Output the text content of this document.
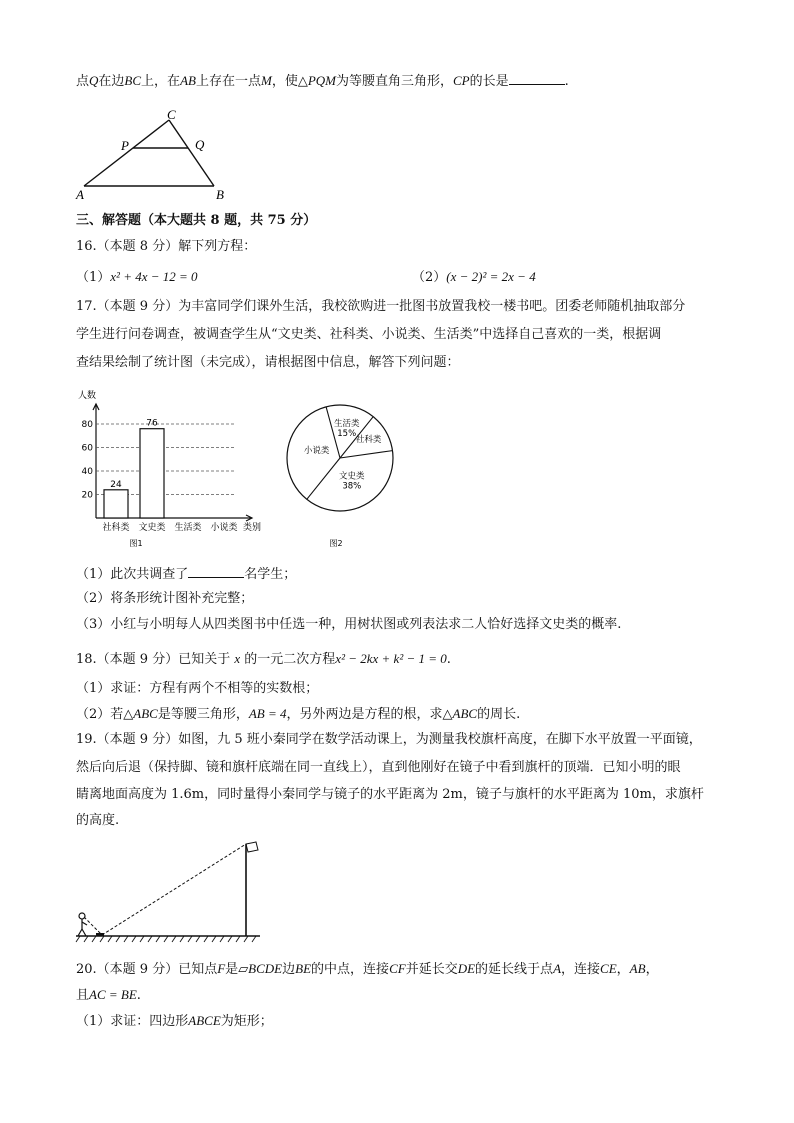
点Q在边BC上，在AB上存在一点M，使△PQM为等腰直角三角形，CP的长是	.
A	B
C
P	Q
三、解答题（本大题共 8 题，共 75 分）
16.（本题 8 分）解下列方程：
（1）x² + 4x − 12 = 0	（2）(x − 2)² = 2x − 4
17.（本题 9 分）为丰富同学们课外生活，我校欲购进一批图书放置我校一楼书吧。团委老师随机抽取部分
学生进行问卷调查，被调查学生从“文史类、社科类、小说类、生活类”中选择自己喜欢的一类，根据调
查结果绘制了统计图（未完成），请根据图中信息，解答下列问题：
人数
20
40
60
80
24
社科类
76
文史类 生活类 小说类 类别
图1
文史类
38%
小说类
生活类
15%
社科类
图2
（1）此次共调查了	名学生；
（2）将条形统计图补充完整；
（3）小红与小明每人从四类图书中任选一种，用树状图或列表法求二人恰好选择文史类的概率.
18.（本题 9 分）已知关于 x 的一元二次方程x² − 2kx + k² − 1 = 0.
（1）求证：方程有两个不相等的实数根；
（2）若△ABC是等腰三角形，AB = 4，另外两边是方程的根，求△ABC的周长.
19.（本题 9 分）如图，九 5 班小秦同学在数学活动课上，为测量我校旗杆高度，在脚下水平放置一平面镜，
然后向后退（保持脚、镜和旗杆底端在同一直线上），直到他刚好在镜子中看到旗杆的顶端．已知小明的眼
睛离地面高度为 1.6m，同时量得小秦同学与镜子的水平距离为 2m，镜子与旗杆的水平距离为 10m，求旗杆
的高度.
20.（本题 9 分）已知点F是▱BCDE边BE的中点，连接CF并延长交DE的延长线于点A，连接CE，AB，
且AC = BE.
（1）求证：四边形ABCE为矩形；
